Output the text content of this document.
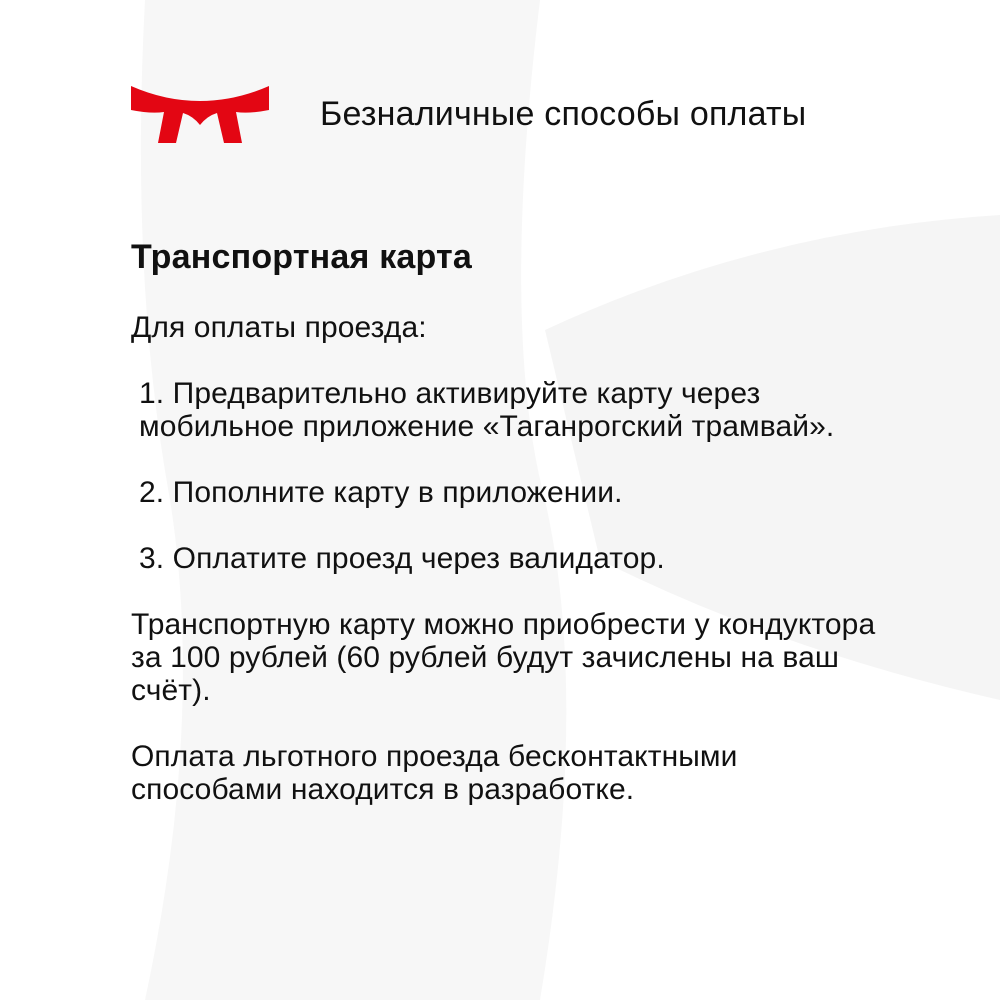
Безналичные способы оплаты
Транспортная карта

Для оплаты проезда:

1. Предварительно активируйте карту через мобильное приложение «Таганрогский трамвай».

2. Пополните карту в приложении.

3. Оплатите проезд через валидатор.

Транспортную карту можно приобрести у кондуктора за 100 рублей (60 рублей будут зачислены на ваш счёт).

Оплата льготного проезда бесконтактными способами находится в разработке.
